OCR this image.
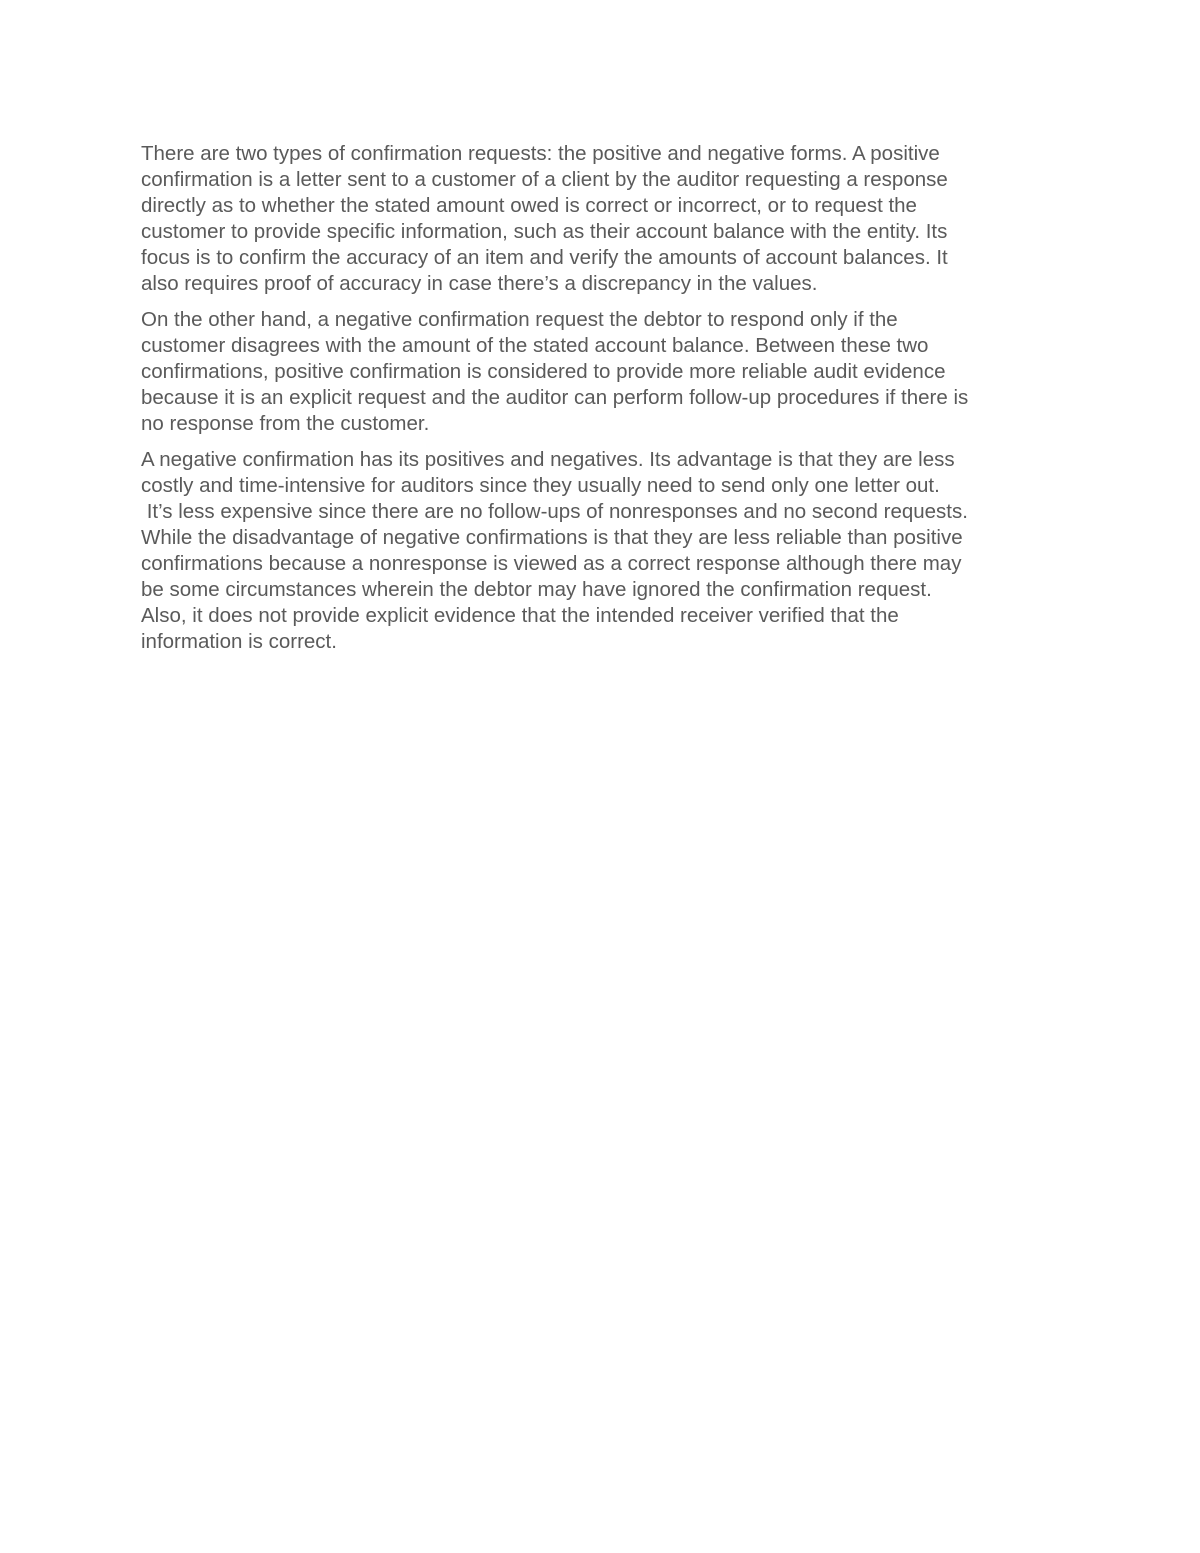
There are two types of confirmation requests: the positive and negative forms. A positive
confirmation is a letter sent to a customer of a client by the auditor requesting a response
directly as to whether the stated amount owed is correct or incorrect, or to request the
customer to provide specific information, such as their account balance with the entity. Its
focus is to confirm the accuracy of an item and verify the amounts of account balances. It
also requires proof of accuracy in case there’s a discrepancy in the values.

On the other hand, a negative confirmation request the debtor to respond only if the
customer disagrees with the amount of the stated account balance. Between these two
confirmations, positive confirmation is considered to provide more reliable audit evidence
because it is an explicit request and the auditor can perform follow-up procedures if there is
no response from the customer.

A negative confirmation has its positives and negatives. Its advantage is that they are less
costly and time-intensive for auditors since they usually need to send only one letter out.
It’s less expensive since there are no follow-ups of nonresponses and no second requests.
While the disadvantage of negative confirmations is that they are less reliable than positive
confirmations because a nonresponse is viewed as a correct response although there may
be some circumstances wherein the debtor may have ignored the confirmation request.
Also, it does not provide explicit evidence that the intended receiver verified that the
information is correct.
